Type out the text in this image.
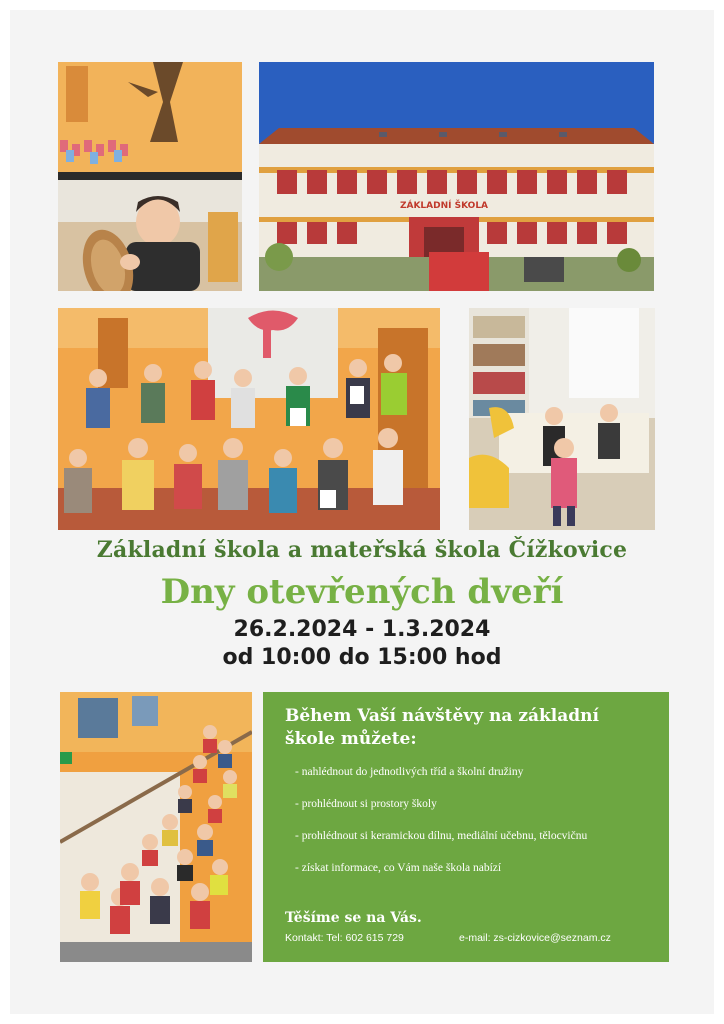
ZÁKLADNÍ ŠKOLA
Základní škola a mateřská škola Čížkovice
Dny otevřených dveří
26.2.2024 - 1.3.2024
od 10:00 do 15:00 hod
Během Vaší návštěvy na základní
škole můžete:
- nahlédnout do jednotlivých tříd a školní družiny
- prohlédnout si prostory školy
- prohlédnout si keramickou dílnu, mediální učebnu, tělocvičnu
- získat informace, co Vám naše škola nabízí
Těšíme se na Vás.
Kontakt: Tel: 602 615 729	e-mail: zs-cizkovice@seznam.cz
